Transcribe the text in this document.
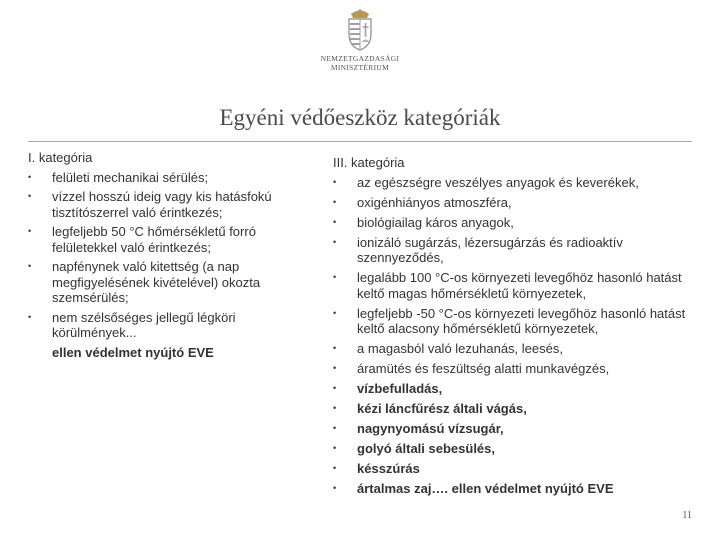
NEMZETGAZDASÁGI
MINISZTÉRIUM
Egyéni védőeszköz kategóriák
I. kategória
•	felületi mechanikai sérülés;
•	vízzel hosszú ideig vagy kis hatásfokú tisztítószerrel való érintkezés;
•	legfeljebb 50 °C hőmérsékletű forró felületekkel való érintkezés;
•	napfénynek való kitettség (a nap megfigyelésének kivételével) okozta szemsérülés;
•	nem szélsőséges jellegű légköri körülmények...
ellen védelmet nyújtó EVE
III. kategória
•	az egészségre veszélyes anyagok és keverékek,
•	oxigénhiányos atmoszféra,
•	biológiailag káros anyagok,
•	ionizáló sugárzás, lézersugárzás és radioaktív szennyeződés,
•	legalább 100 °C-os környezeti levegőhöz hasonló hatást keltő magas hőmérsékletű környezetek,
•	legfeljebb -50 °C-os környezeti levegőhöz hasonló hatást keltő alacsony hőmérsékletű környezetek,
•	a magasból való lezuhanás, leesés,
•	áramütés és feszültség alatti munkavégzés,
•	vízbefulladás,
•	kézi láncfűrész általi vágás,
•	nagynyomású vízsugár,
•	golyó általi sebesülés,
•	késszúrás
•	ártalmas zaj…. ellen védelmet nyújtó EVE
11
